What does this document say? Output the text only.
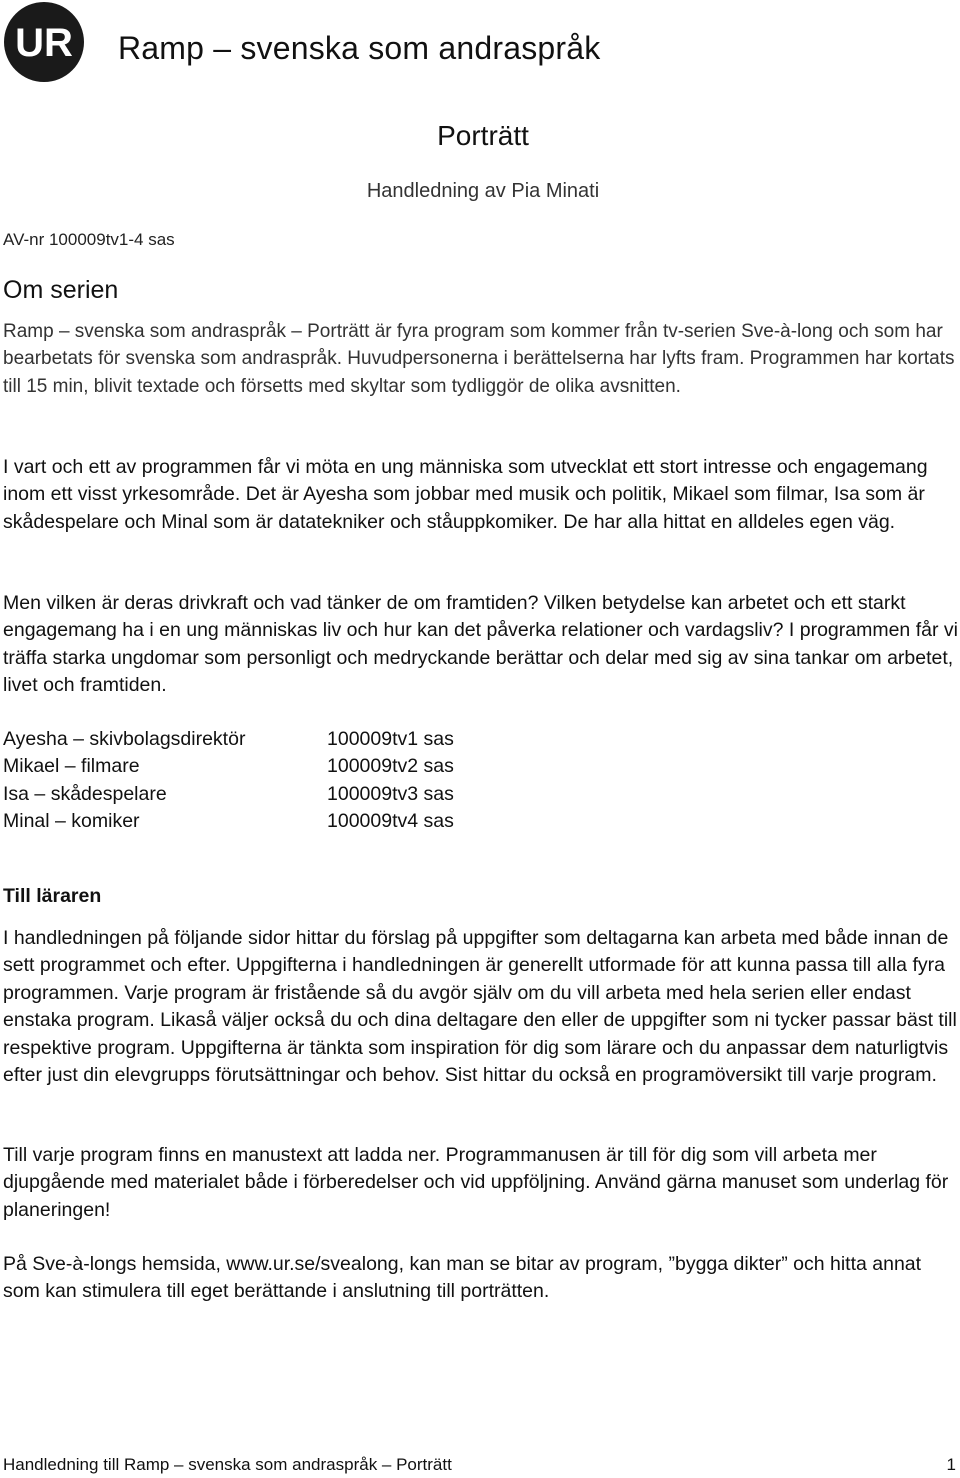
UR Ramp – svenska som andraspråk
Porträtt

Handledning av Pia Minati

AV-nr 100009tv1-4 sas

Om serien

Ramp – svenska som andraspråk – Porträtt är fyra program som kommer från tv-serien Sve-à-long och som har bearbetats för svenska som andraspråk. Huvudpersonerna i berättelserna har lyfts fram. Programmen har kortats till 15 min, blivit textade och försetts med skyltar som tydliggör de olika avsnitten.

I vart och ett av programmen får vi möta en ung människa som utvecklat ett stort intresse och engagemang inom ett visst yrkesområde. Det är Ayesha som jobbar med musik och politik, Mikael som filmar, Isa som är skådespelare och Minal som är datatekniker och ståuppkomiker. De har alla hittat en alldeles egen väg.

Men vilken är deras drivkraft och vad tänker de om framtiden? Vilken betydelse kan arbetet och ett starkt engagemang ha i en ung människas liv och hur kan det påverka relationer och vardagsliv? I programmen får vi träffa starka ungdomar som personligt och medryckande berättar och delar med sig av sina tankar om arbetet, livet och framtiden.

Ayesha – skivbolagsdirektör	100009tv1 sas
Mikael – filmare	100009tv2 sas
Isa – skådespelare	100009tv3 sas
Minal – komiker	100009tv4 sas
Till läraren

I handledningen på följande sidor hittar du förslag på uppgifter som deltagarna kan arbeta med både innan de sett programmet och efter. Uppgifterna i handledningen är generellt utformade för att kunna passa till alla fyra programmen. Varje program är fristående så du avgör själv om du vill arbeta med hela serien eller endast enstaka program. Likaså väljer också du och dina deltagare den eller de uppgifter som ni tycker passar bäst till respektive program. Uppgifterna är tänkta som inspiration för dig som lärare och du anpassar dem naturligtvis efter just din elevgrupps förutsättningar och behov. Sist hittar du också en programöversikt till varje program.

Till varje program finns en manustext att ladda ner. Programmanusen är till för dig som vill arbeta mer djupgående med materialet både i förberedelser och vid uppföljning. Använd gärna manuset som underlag för planeringen!

På Sve-à-longs hemsida, www.ur.se/svealong, kan man se bitar av program, ”bygga dikter” och hitta annat som kan stimulera till eget berättande i anslutning till porträtten.

Handledning till Ramp – svenska som andraspråk – Porträtt	1
